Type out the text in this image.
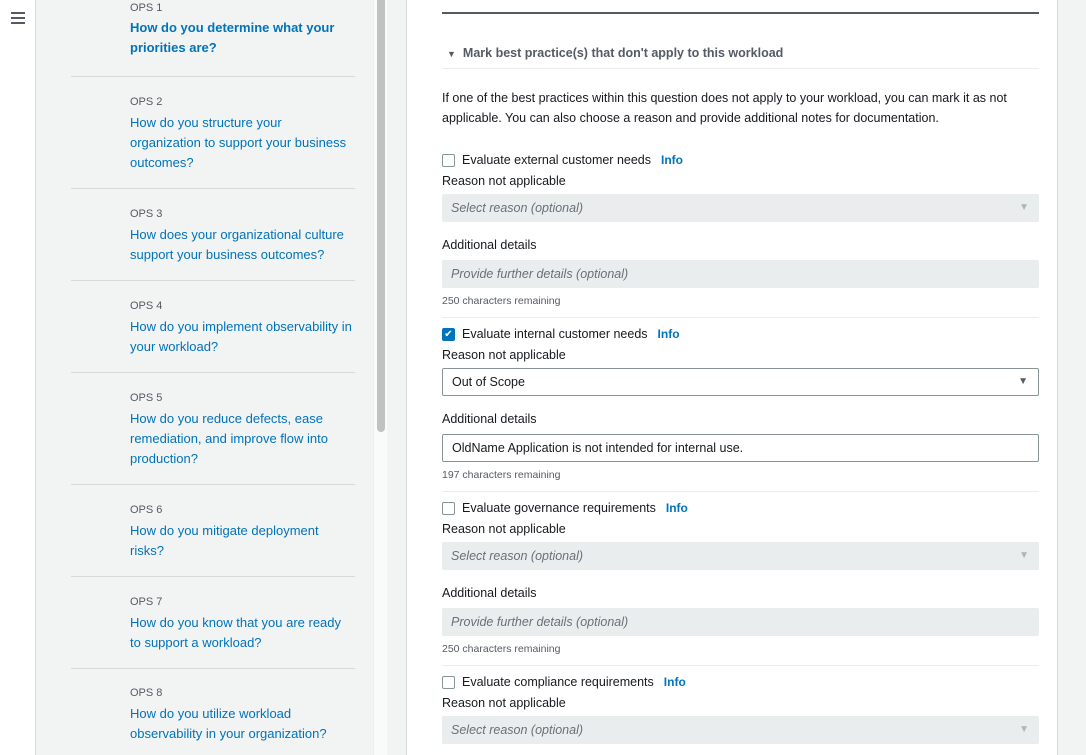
OPS 1
How do you determine what your priorities are?
OPS 2
How do you structure your organization to support your business outcomes?
OPS 3
How does your organizational culture support your business outcomes?
OPS 4
How do you implement observability in your workload?
OPS 5
How do you reduce defects, ease remediation, and improve flow into production?
OPS 6
How do you mitigate deployment risks?
OPS 7
How do you know that you are ready to support a workload?
OPS 8
How do you utilize workload observability in your organization?
▼ Mark best practice(s) that don't apply to this workload
If one of the best practices within this question does not apply to your workload, you can mark it as not applicable. You can also choose a reason and provide additional notes for documentation.
Evaluate external customer needs Info
Reason not applicable
Select reason (optional)	▼
Additional details
Provide further details (optional)
250 characters remaining
✔ Evaluate internal customer needs Info
Reason not applicable
Out of Scope	▼
Additional details
OldName Application is not intended for internal use.
197 characters remaining
Evaluate governance requirements Info
Reason not applicable
Select reason (optional)	▼
Additional details
Provide further details (optional)
250 characters remaining
Evaluate compliance requirements Info
Reason not applicable
Select reason (optional)	▼
